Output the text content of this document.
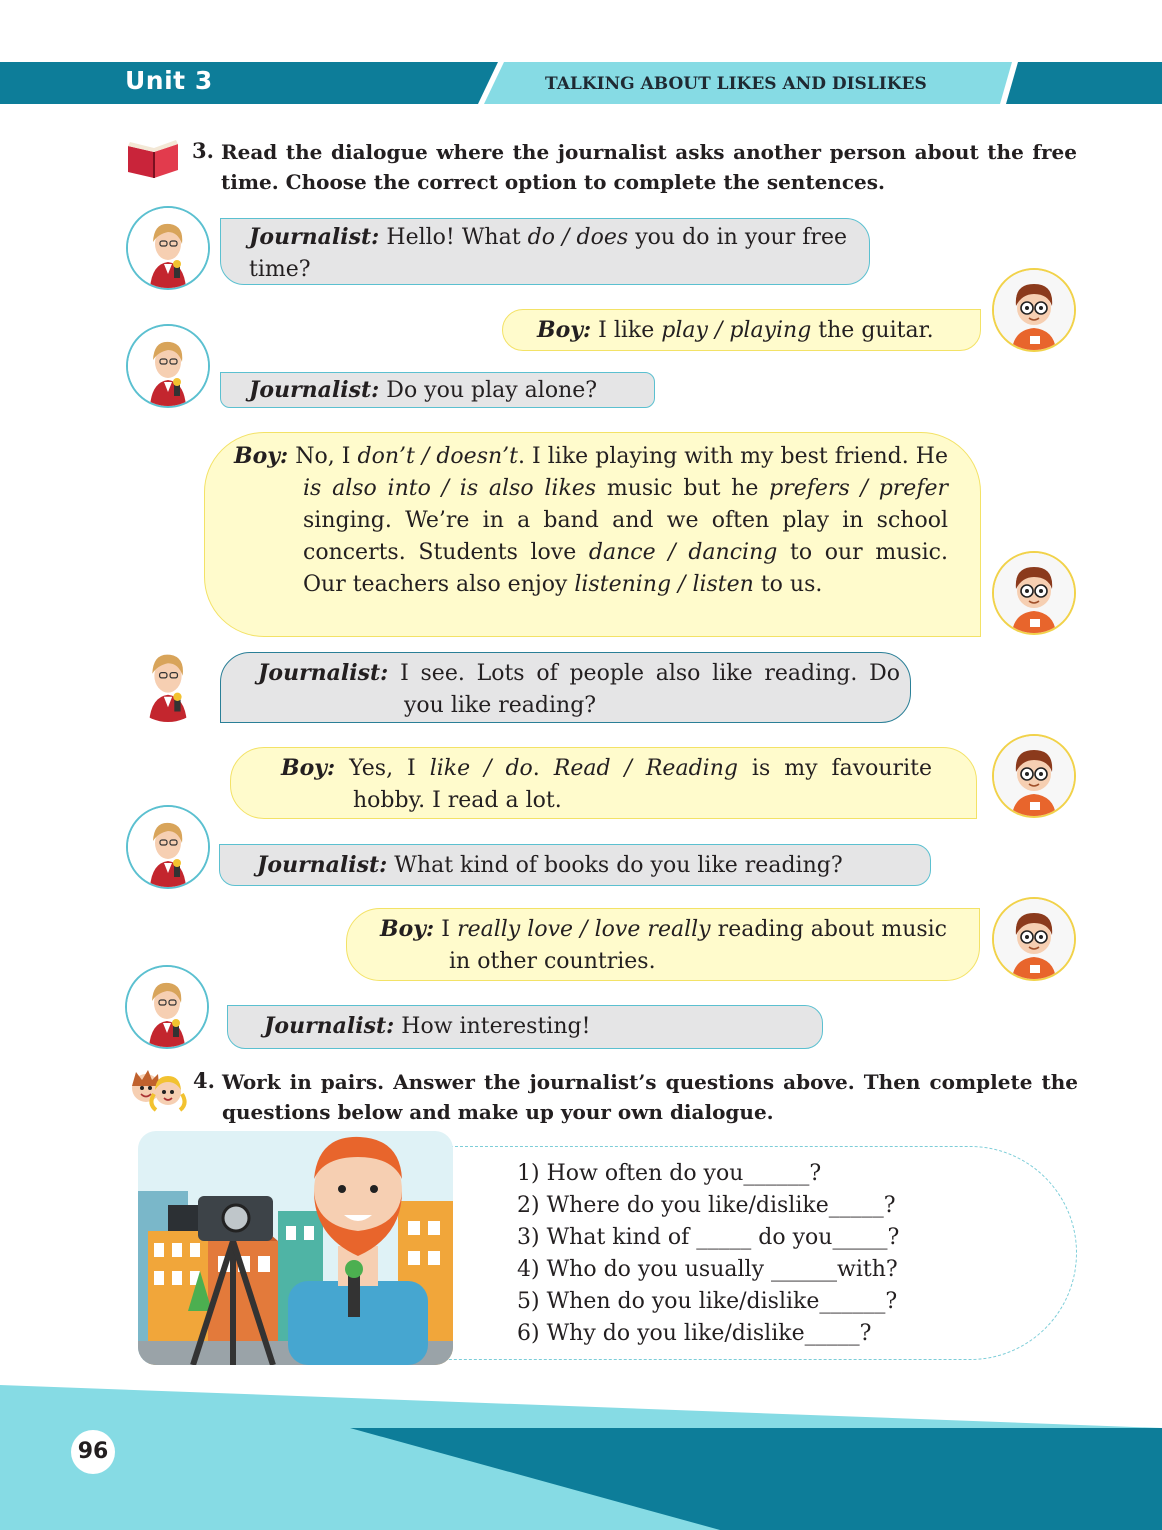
Unit 3	TALKING ABOUT LIKES AND DISLIKES
3. Read the dialogue where the journalist asks another person about the free time. Choose the correct option to complete the sentences.
Journalist: Hello! What do / does you do in your free time?
Boy: I like play / playing the guitar.
Journalist: Do you play alone?
Boy: No, I don’t / doesn’t. I like playing with my best friend. He is also into / is also likes music but he prefers / prefer singing. We’re in a band and we often play in school concerts. Students love dance / dancing to our music. Our teachers also enjoy listening / listen to us.
Journalist: I see. Lots of people also like reading. Do you like reading?
Boy: Yes, I like / do. Read / Reading is my favourite hobby. I read a lot.
Journalist: What kind of books do you like reading?
Boy: I really love / love really reading about music in other countries.
Journalist: How interesting!
4. Work in pairs. Answer the journalist’s questions above. Then complete the questions below and make up your own dialogue.
1) How often do you______?
2) Where do you like/dislike_____?
3) What kind of _____ do you_____?
4) Who do you usually ______with?
5) When do you like/dislike______?
6) Why do you like/dislike_____?
96
